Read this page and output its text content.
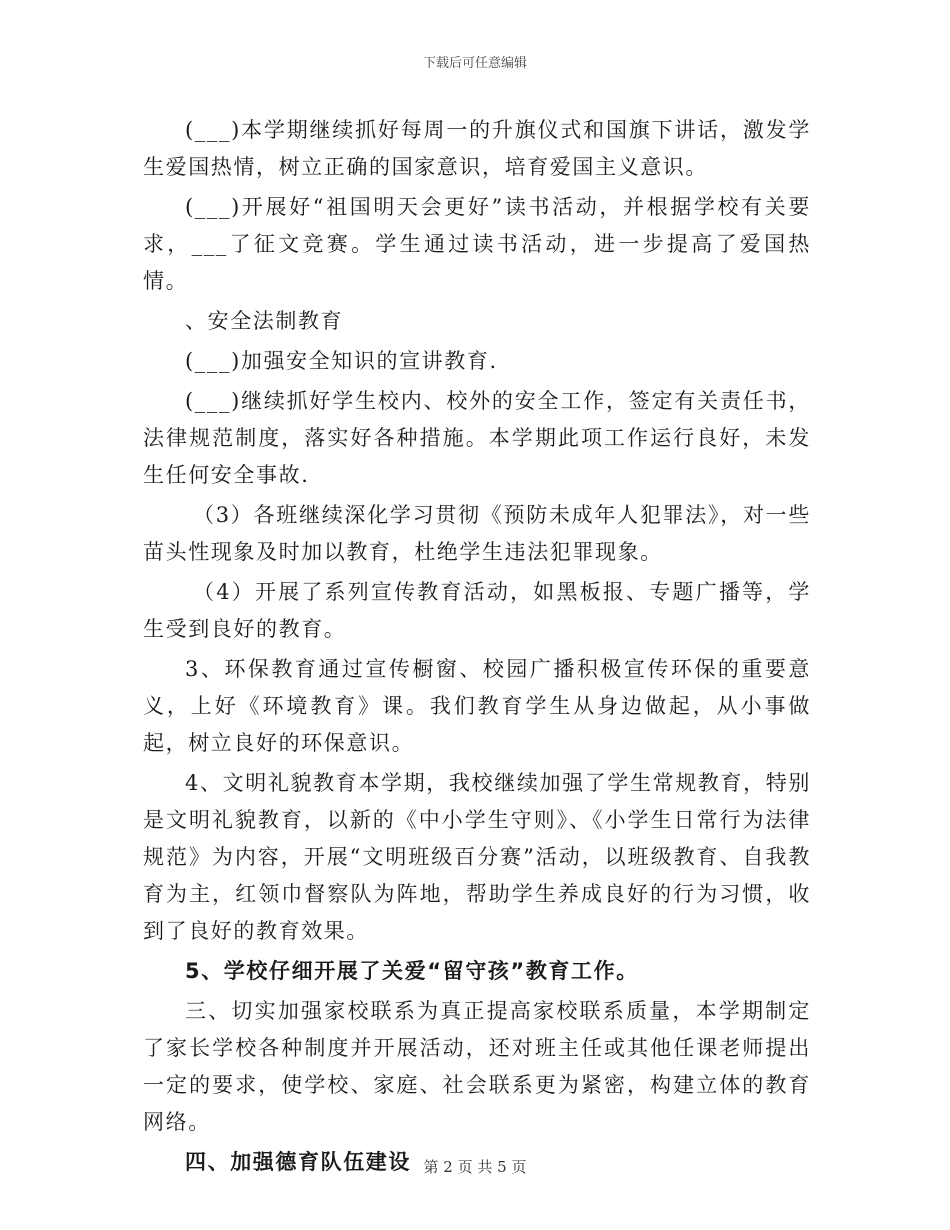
下载后可任意编辑

(___)本学期继续抓好每周一的升旗仪式和国旗下讲话，激发学生爱国热情，树立正确的国家意识，培育爱国主义意识。

(___)开展好“祖国明天会更好”读书活动，并根据学校有关要求，___了征文竞赛。学生通过读书活动，进一步提高了爱国热情。

、安全法制教育

(___)加强安全知识的宣讲教育.

(___)继续抓好学生校内、校外的安全工作，签定有关责任书，法律规范制度，落实好各种措施。本学期此项工作运行良好，未发生任何安全事故.

（3）各班继续深化学习贯彻《预防未成年人犯罪法》，对一些苗头性现象及时加以教育，杜绝学生违法犯罪现象。

（4）开展了系列宣传教育活动，如黑板报、专题广播等，学生受到良好的教育。

3、环保教育通过宣传橱窗、校园广播积极宣传环保的重要意义，上好《环境教育》课。我们教育学生从身边做起，从小事做起，树立良好的环保意识。

4、文明礼貌教育本学期，我校继续加强了学生常规教育，特别是文明礼貌教育，以新的《中小学生守则》、《小学生日常行为法律规范》为内容，开展“文明班级百分赛”活动，以班级教育、自我教育为主，红领巾督察队为阵地，帮助学生养成良好的行为习惯，收到了良好的教育效果。

5、学校仔细开展了关爱“留守孩”教育工作。

三、切实加强家校联系为真正提高家校联系质量，本学期制定了家长学校各种制度并开展活动，还对班主任或其他任课老师提出一定的要求，使学校、家庭、社会联系更为紧密，构建立体的教育网络。

四、加强德育队伍建设 第 2 页 共 5 页
